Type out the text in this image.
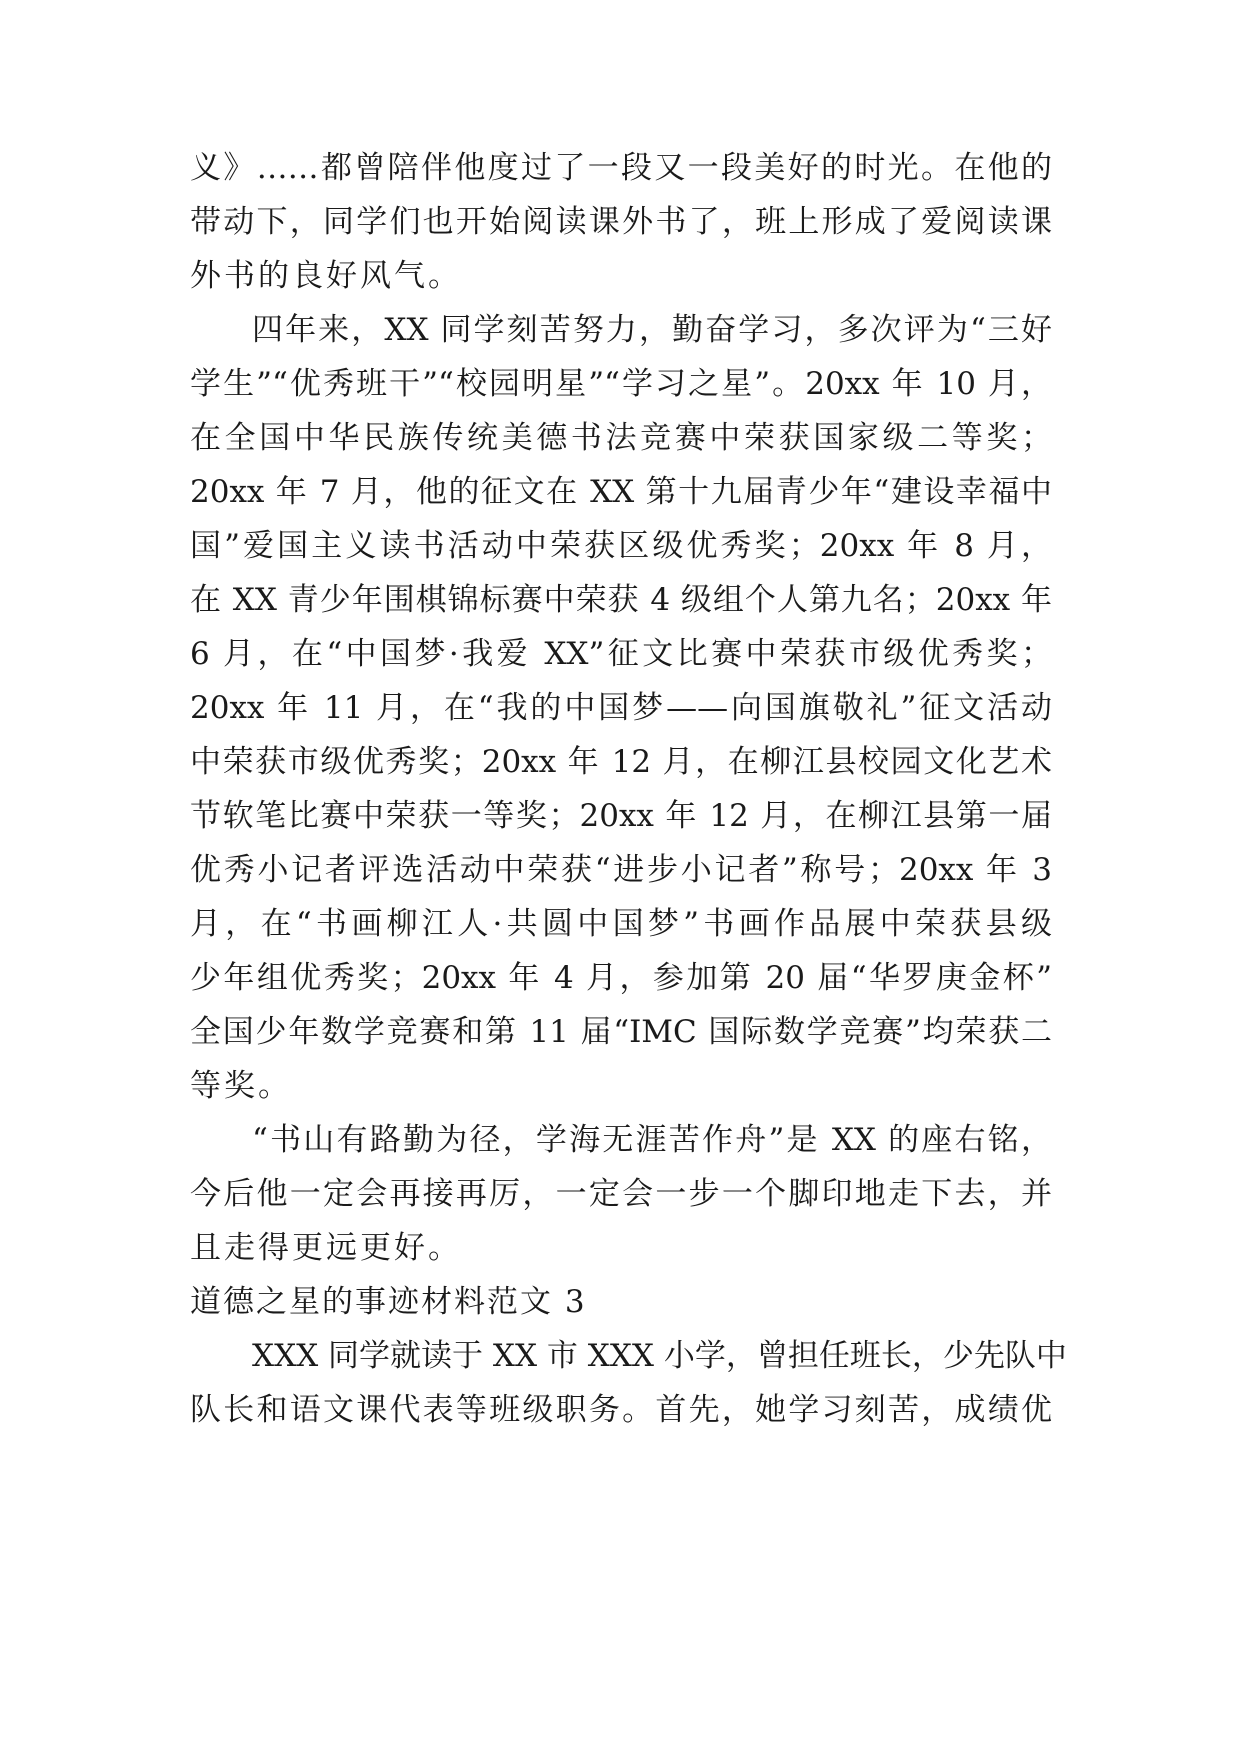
义》……都曾陪伴他度过了一段又一段美好的时光。在他的
带动下，同学们也开始阅读课外书了，班上形成了爱阅读课
外书的良好风气。
四年来，XX 同学刻苦努力，勤奋学习，多次评为“三好
学生”“优秀班干”“校园明星”“学习之星”。20xx 年 10 月，
在全国中华民族传统美德书法竞赛中荣获国家级二等奖；
20xx 年 7 月，他的征文在 XX 第十九届青少年“建设幸福中
国”爱国主义读书活动中荣获区级优秀奖；20xx 年 8 月，
在 XX 青少年围棋锦标赛中荣获 4 级组个人第九名；20xx 年
6 月，在“中国梦·我爱 XX”征文比赛中荣获市级优秀奖；
20xx 年 11 月，在“我的中国梦——向国旗敬礼”征文活动
中荣获市级优秀奖；20xx 年 12 月，在柳江县校园文化艺术
节软笔比赛中荣获一等奖；20xx 年 12 月，在柳江县第一届
优秀小记者评选活动中荣获“进步小记者”称号；20xx 年 3
月，在“书画柳江人·共圆中国梦”书画作品展中荣获县级
少年组优秀奖；20xx 年 4 月，参加第 20 届“华罗庚金杯”
全国少年数学竞赛和第 11 届“IMC 国际数学竞赛”均荣获二
等奖。
“书山有路勤为径，学海无涯苦作舟”是 XX 的座右铭，
今后他一定会再接再厉，一定会一步一个脚印地走下去，并
且走得更远更好。
道德之星的事迹材料范文 3
XXX 同学就读于 XX 市 XXX 小学，曾担任班长，少先队中
队长和语文课代表等班级职务。首先，她学习刻苦，成绩优
